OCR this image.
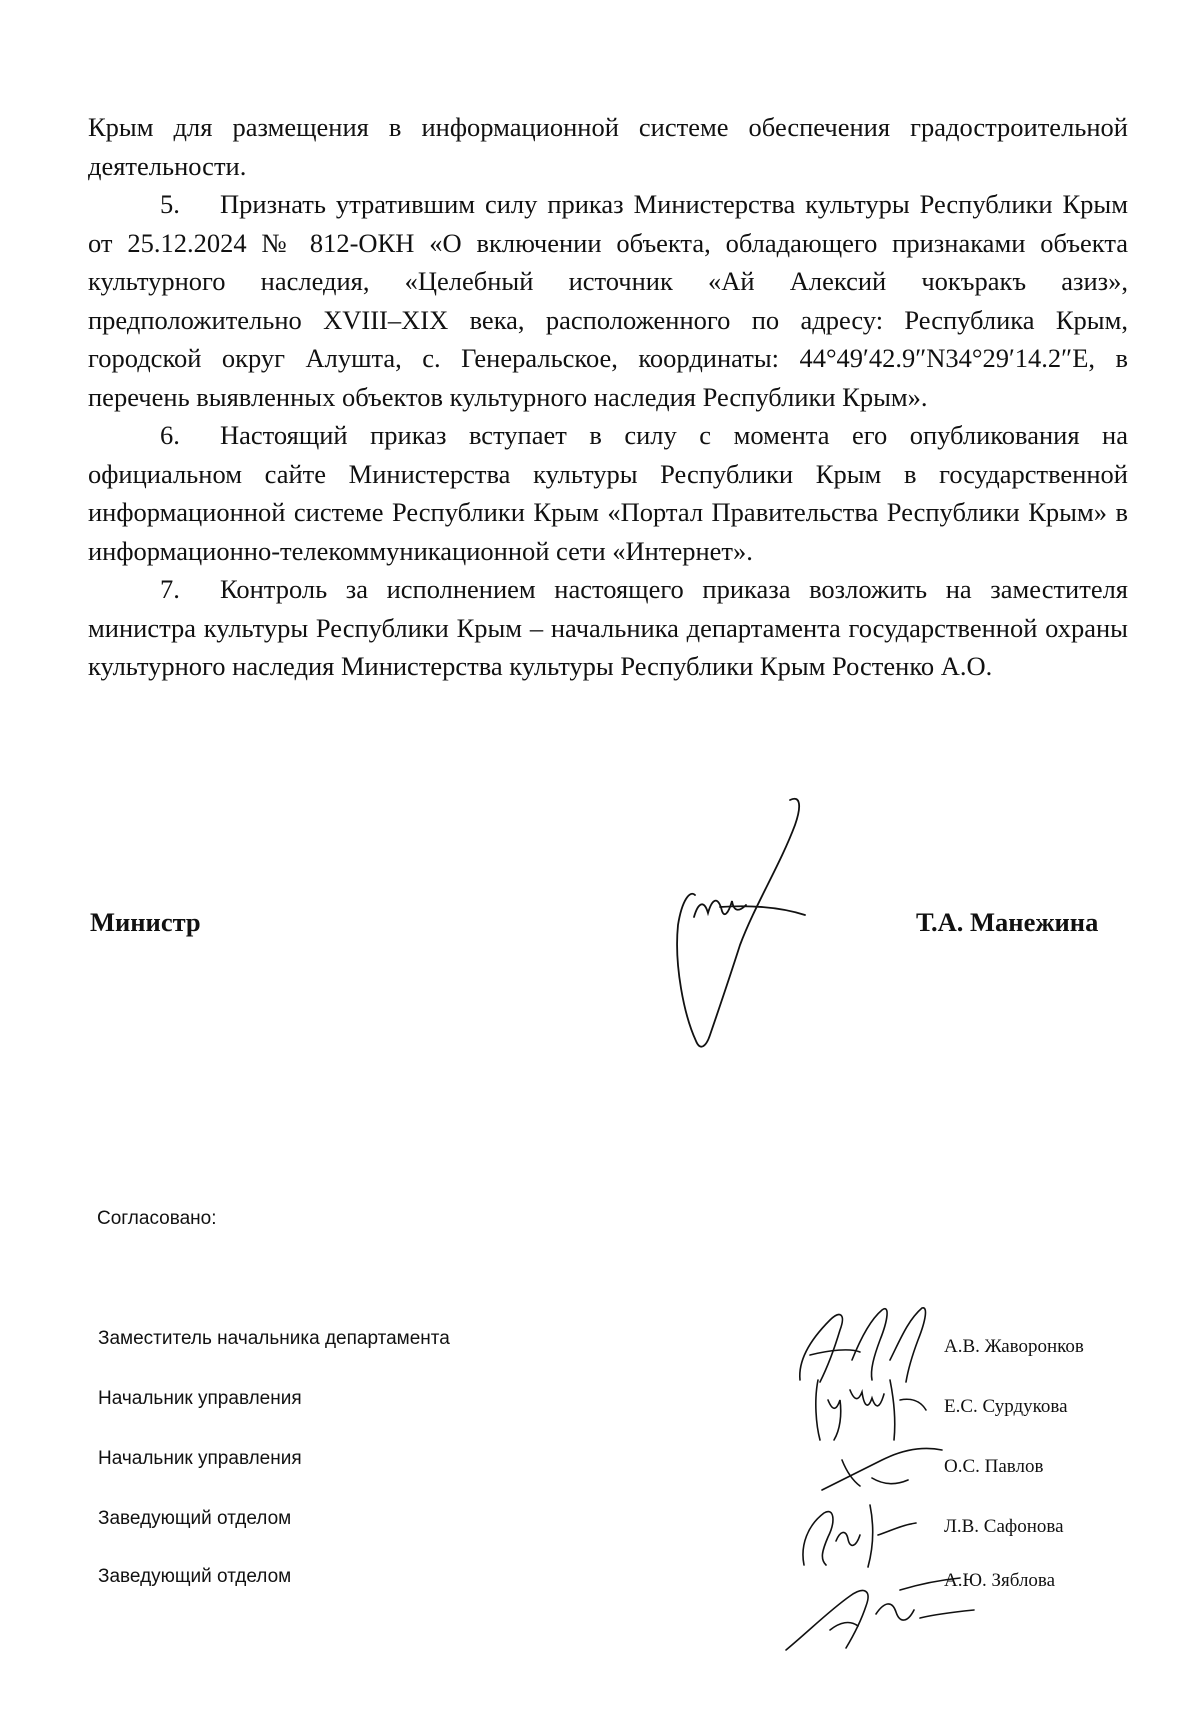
Крым для размещения в информационной системе обеспечения градостроительной деятельности.

5. Признать утратившим силу приказ Министерства культуры Республики Крым от 25.12.2024 № 812-ОКН «О включении объекта, обладающего признаками объекта культурного наследия, «Целебный источник «Ай Алексий чокъракъ азиз», предположительно XVIII–XIX века, расположенного по адресу: Республика Крым, городской округ Алушта, с. Генеральское, координаты: 44°49′42.9″N34°29′14.2″E, в перечень выявленных объектов культурного наследия Республики Крым».

6. Настоящий приказ вступает в силу с момента его опубликования на официальном сайте Министерства культуры Республики Крым в государственной информационной системе Республики Крым «Портал Правительства Республики Крым» в информационно-телекоммуникационной сети «Интернет».

7. Контроль за исполнением настоящего приказа возложить на заместителя министра культуры Республики Крым – начальника департамента государственной охраны культурного наследия Министерства культуры Республики Крым Ростенко А.О.

Министр	Т.А. Манежина
Согласовано:
Заместитель начальника департамента	А.В. Жаворонков
Начальник управления	Е.С. Сурдукова
Начальник управления	О.С. Павлов
Заведующий отделом	Л.В. Сафонова
Заведующий отделом	А.Ю. Зяблова
